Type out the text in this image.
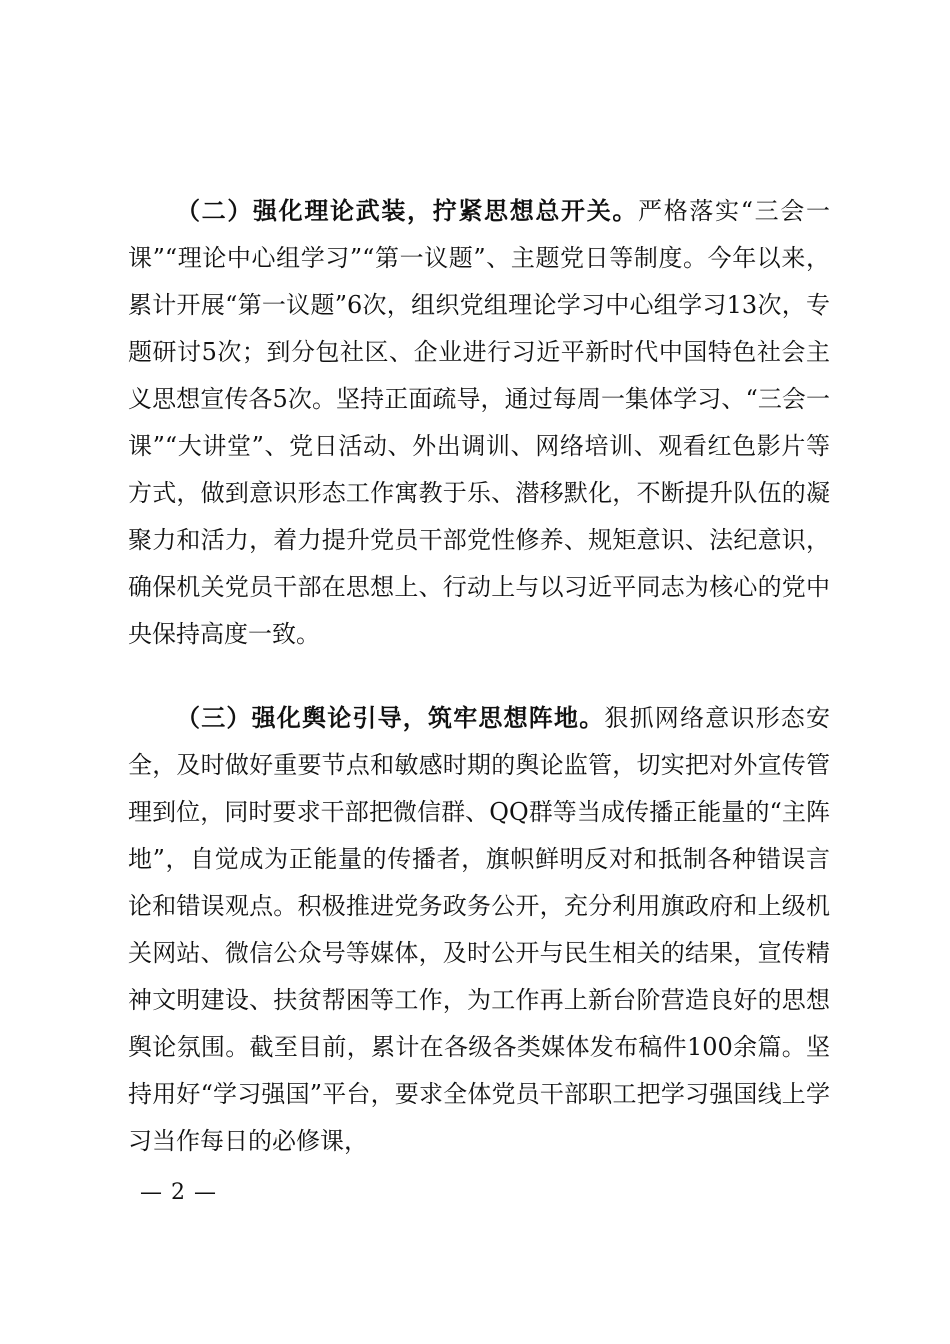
（二）强化理论武装，拧紧思想总开关。严格落实“三会一课”“理论中心组学习”“第一议题”、主题党日等制度。今年以来，累计开展“第一议题”6次，组织党组理论学习中心组学习13次，专题研讨5次；到分包社区、企业进行习近平新时代中国特色社会主义思想宣传各5次。坚持正面疏导，通过每周一集体学习、“三会一课”“大讲堂”、党日活动、外出调训、网络培训、观看红色影片等方式，做到意识形态工作寓教于乐、潜移默化，不断提升队伍的凝聚力和活力，着力提升党员干部党性修养、规矩意识、法纪意识，确保机关党员干部在思想上、行动上与以习近平同志为核心的党中央保持高度一致。

（三）强化舆论引导，筑牢思想阵地。狠抓网络意识形态安全，及时做好重要节点和敏感时期的舆论监管，切实把对外宣传管理到位，同时要求干部把微信群、QQ群等当成传播正能量的“主阵地”，自觉成为正能量的传播者，旗帜鲜明反对和抵制各种错误言论和错误观点。积极推进党务政务公开，充分利用旗政府和上级机关网站、微信公众号等媒体，及时公开与民生相关的结果，宣传精神文明建设、扶贫帮困等工作，为工作再上新台阶营造良好的思想舆论氛围。截至目前，累计在各级各类媒体发布稿件100余篇。坚持用好“学习强国”平台，要求全体党员干部职工把学习强国线上学习当作每日的必修课，

— 2 —
